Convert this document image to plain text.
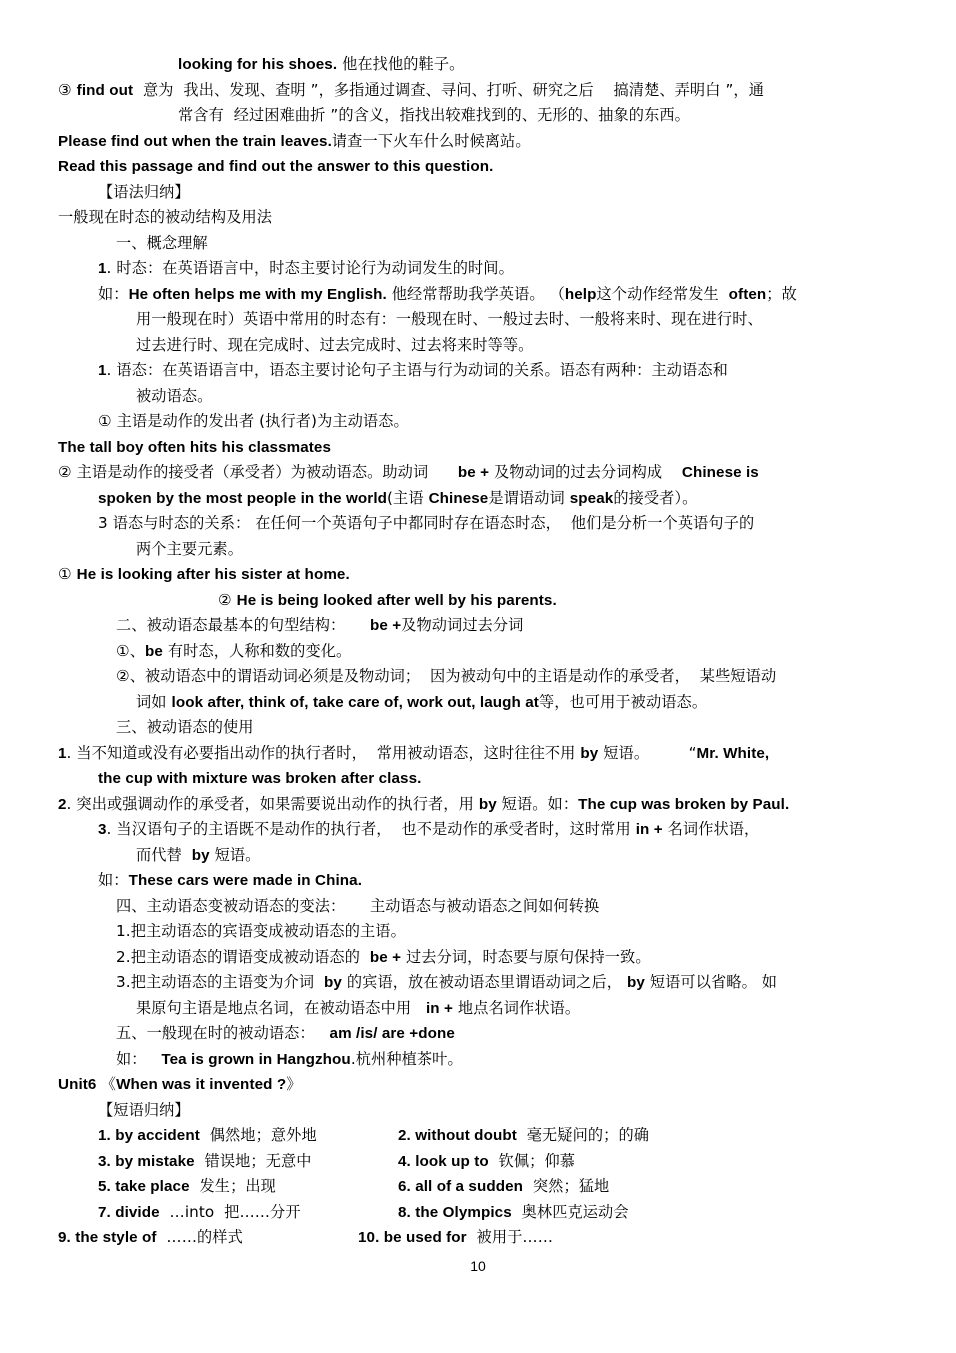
looking for his shoes. 他在找他的鞋子。
③ find out  意为  我出、发现、查明 ”，多指通过调查、寻问、打听、研究之后 搞清楚、弄明白 ”，通
常含有  经过困难曲折 ”的含义，指找出较难找到的、无形的、抽象的东西。
Please find out when the train leaves.请查一下火车什么时候离站。
Read this passage and find out the answer to this question.
【语法归纳】
一般现在时态的被动结构及用法
一、概念理解
1. 时态：在英语语言中，时态主要讨论行为动词发生的时间。
如：He often helps me with my English. 他经常帮助我学英语。 （help这个动作经常发生  often；故
用一般现在时）英语中常用的时态有：一般现在时、一般过去时、一般将来时、现在进行时、
过去进行时、现在完成时、过去完成时、过去将来时等等。
1. 语态：在英语语言中，语态主要讨论句子主语与行为动词的关系。语态有两种：主动语态和
被动语态。
① 主语是动作的发出者 (执行者)为主动语态。
The tall boy often hits his classmates
② 主语是动作的接受者（承受者）为被动语态。助动词 be + 及物动词的过去分词构成 Chinese is
spoken by the most people in the world(主语 Chinese是谓语动词 speak的接受者）。
3 语态与时态的关系： 在任何一个英语句子中都同时存在语态时态， 他们是分析一个英语句子的
两个主要元素。
① He is looking after his sister at home.
② He is being looked after well by his parents.
二、被动语态最基本的句型结构： be +及物动词过去分词
①、be 有时态，人称和数的变化。
②、被动语态中的谓语动词必须是及物动词； 因为被动句中的主语是动作的承受者， 某些短语动
词如 look after, think of, take care of, work out, laugh at等，也可用于被动语态。
三、被动语态的使用
1. 当不知道或没有必要指出动作的执行者时， 常用被动语态，这时往往不用 by 短语。	“Mr. White,
the cup with mixture was broken after class.
2. 突出或强调动作的承受者，如果需要说出动作的执行者，用 by 短语。如：The cup was broken by Paul.
3. 当汉语句子的主语既不是动作的执行者， 也不是动作的承受者时，这时常用 in + 名词作状语，
而代替  by 短语。
如：These cars were made in China.
四、主动语态变被动语态的变法： 主动语态与被动语态之间如何转换
1.把主动语态的宾语变成被动语态的主语。
2.把主动语态的谓语变成被动语态的 be + 过去分词，时态要与原句保持一致。
3.把主动语态的主语变为介词 by 的宾语，放在被动语态里谓语动词之后， by 短语可以省略。 如
果原句主语是地点名词，在被动语态中用 in + 地点名词作状语。
五、一般现在时的被动语态： am /is/ are +done
如： Tea is grown in Hangzhou.杭州种植茶叶。
Unit6 《When was it invented ?》
【短语归纳】
1. by accident  偶然地；意外地	2. without doubt  毫无疑问的；的确
3. by mistake  错误地；无意中	4. look up to  钦佩；仰慕
5. take place  发生；出现	6. all of a sudden  突然；猛地
7. divide  …into  把……分开	8. the Olympics  奥林匹克运动会
9. the style of  ……的样式	10. be used for  被用于……
10
